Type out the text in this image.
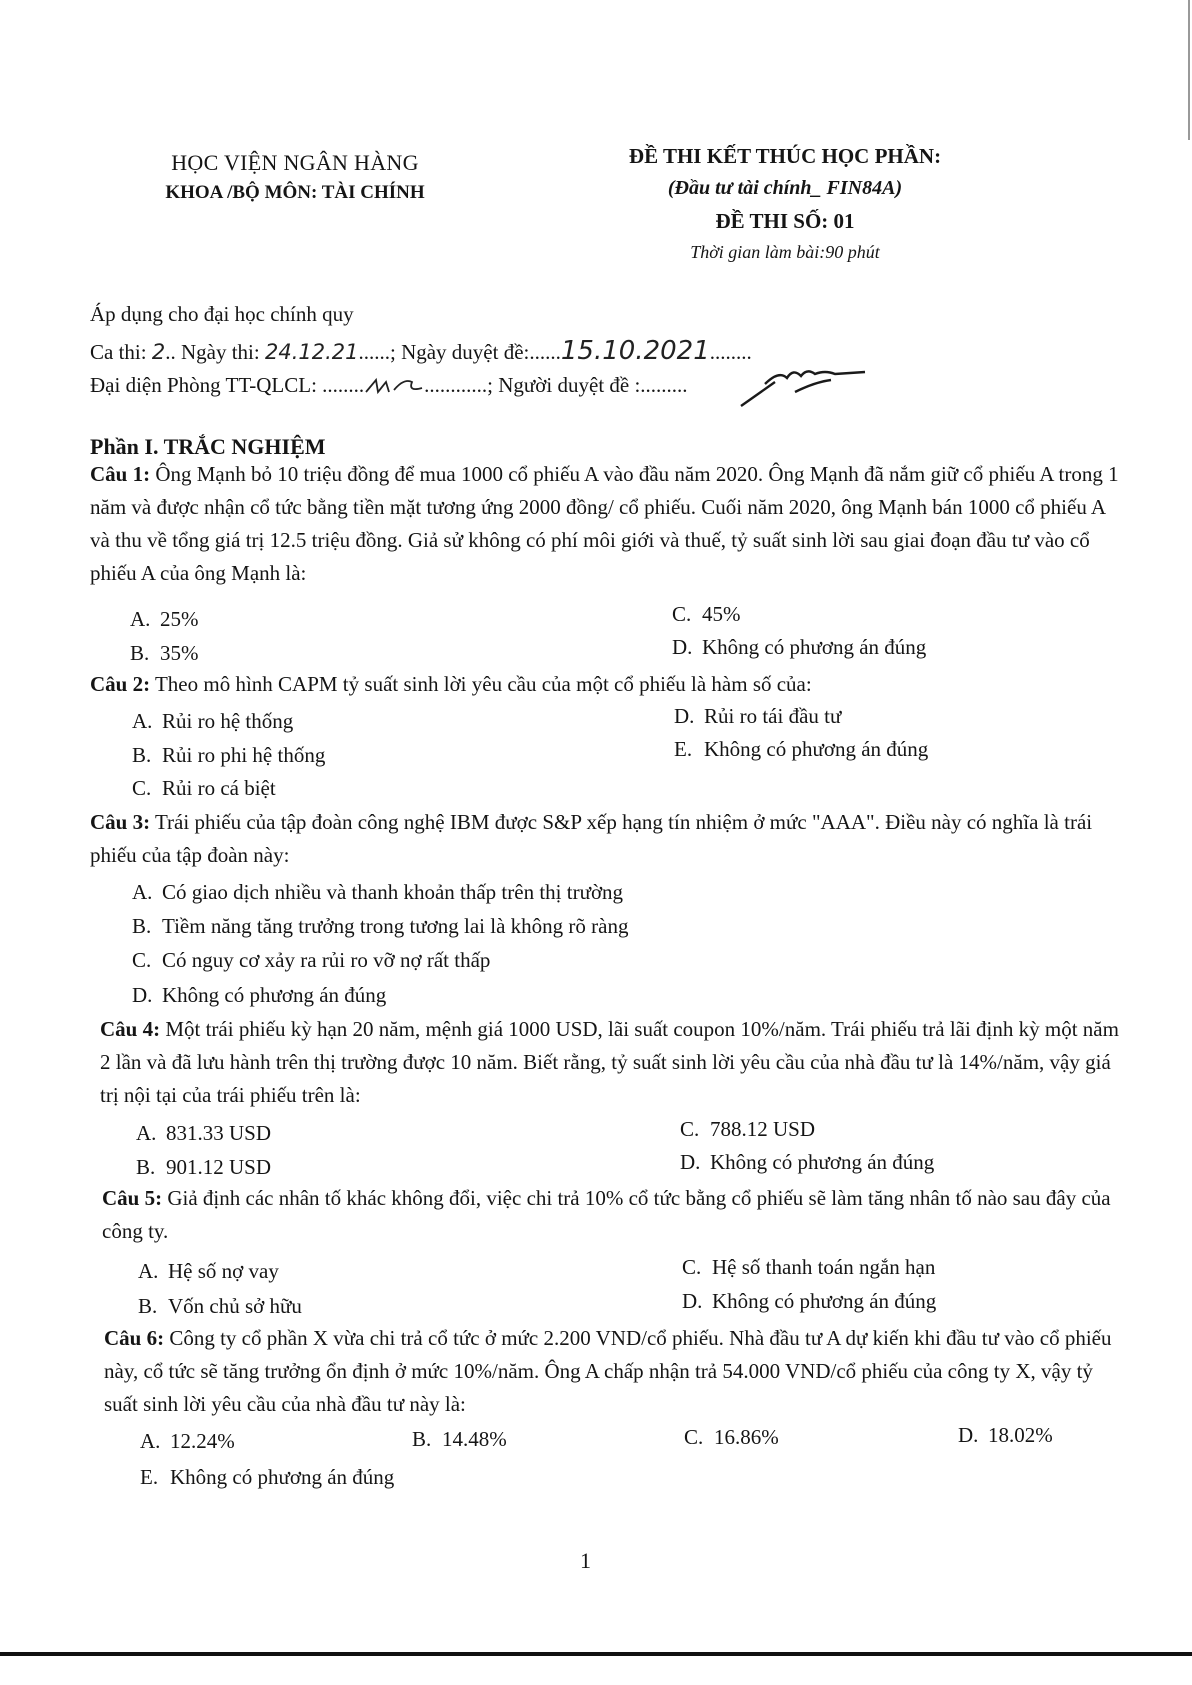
HỌC VIỆN NGÂN HÀNG
KHOA /BỘ MÔN: TÀI CHÍNH
ĐỀ THI KẾT THÚC HỌC PHẦN:
(Đầu tư tài chính_ FIN84A)
ĐỀ THI SỐ: 01
Thời gian làm bài:90 phút
Áp dụng cho đại học chính quy
Ca thi: 2.. Ngày thi: 24.12.21......; Ngày duyệt đề:......15.10.2021........
Đại diện Phòng TT-QLCL: ........	............; Người duyệt đề :.........
Phần I. TRẮC NGHIỆM
Câu 1: Ông Mạnh bỏ 10 triệu đồng để mua 1000 cổ phiếu A vào đầu năm 2020. Ông Mạnh đã nắm giữ cổ phiếu A trong 1 năm và được nhận cổ tức bằng tiền mặt tương ứng 2000 đồng/ cổ phiếu. Cuối năm 2020, ông Mạnh bán 1000 cổ phiếu A và thu về tổng giá trị 12.5 triệu đồng. Giả sử không có phí môi giới và thuế, tỷ suất sinh lời sau giai đoạn đầu tư vào cổ phiếu A của ông Mạnh là:
A. 25%	C. 45%
B. 35%	D. Không có phương án đúng
Câu 2: Theo mô hình CAPM tỷ suất sinh lời yêu cầu của một cổ phiếu là hàm số của:
A. Rủi ro hệ thống	D. Rủi ro tái đầu tư
B. Rủi ro phi hệ thống	E. Không có phương án đúng
C. Rủi ro cá biệt
Câu 3: Trái phiếu của tập đoàn công nghệ IBM được S&P xếp hạng tín nhiệm ở mức "AAA". Điều này có nghĩa là trái phiếu của tập đoàn này:
A. Có giao dịch nhiều và thanh khoản thấp trên thị trường
B. Tiềm năng tăng trưởng trong tương lai là không rõ ràng
C. Có nguy cơ xảy ra rủi ro vỡ nợ rất thấp
D. Không có phương án đúng
Câu 4: Một trái phiếu kỳ hạn 20 năm, mệnh giá 1000 USD, lãi suất coupon 10%/năm. Trái phiếu trả lãi định kỳ một năm 2 lần và đã lưu hành trên thị trường được 10 năm. Biết rằng, tỷ suất sinh lời yêu cầu của nhà đầu tư là 14%/năm, vậy giá trị nội tại của trái phiếu trên là:
A. 831.33 USD	C. 788.12 USD
B. 901.12 USD	D. Không có phương án đúng
Câu 5: Giả định các nhân tố khác không đổi, việc chi trả 10% cổ tức bằng cổ phiếu sẽ làm tăng nhân tố nào sau đây của công ty.
A. Hệ số nợ vay	C. Hệ số thanh toán ngắn hạn
B. Vốn chủ sở hữu	D. Không có phương án đúng
Câu 6: Công ty cổ phần X vừa chi trả cổ tức ở mức 2.200 VND/cổ phiếu. Nhà đầu tư A dự kiến khi đầu tư vào cổ phiếu này, cổ tức sẽ tăng trưởng ổn định ở mức 10%/năm. Ông A chấp nhận trả 54.000 VND/cổ phiếu của công ty X, vậy tỷ suất sinh lời yêu cầu của nhà đầu tư này là:
A. 12.24%	B. 14.48%	C. 16.86%	D. 18.02%
E. Không có phương án đúng
1
